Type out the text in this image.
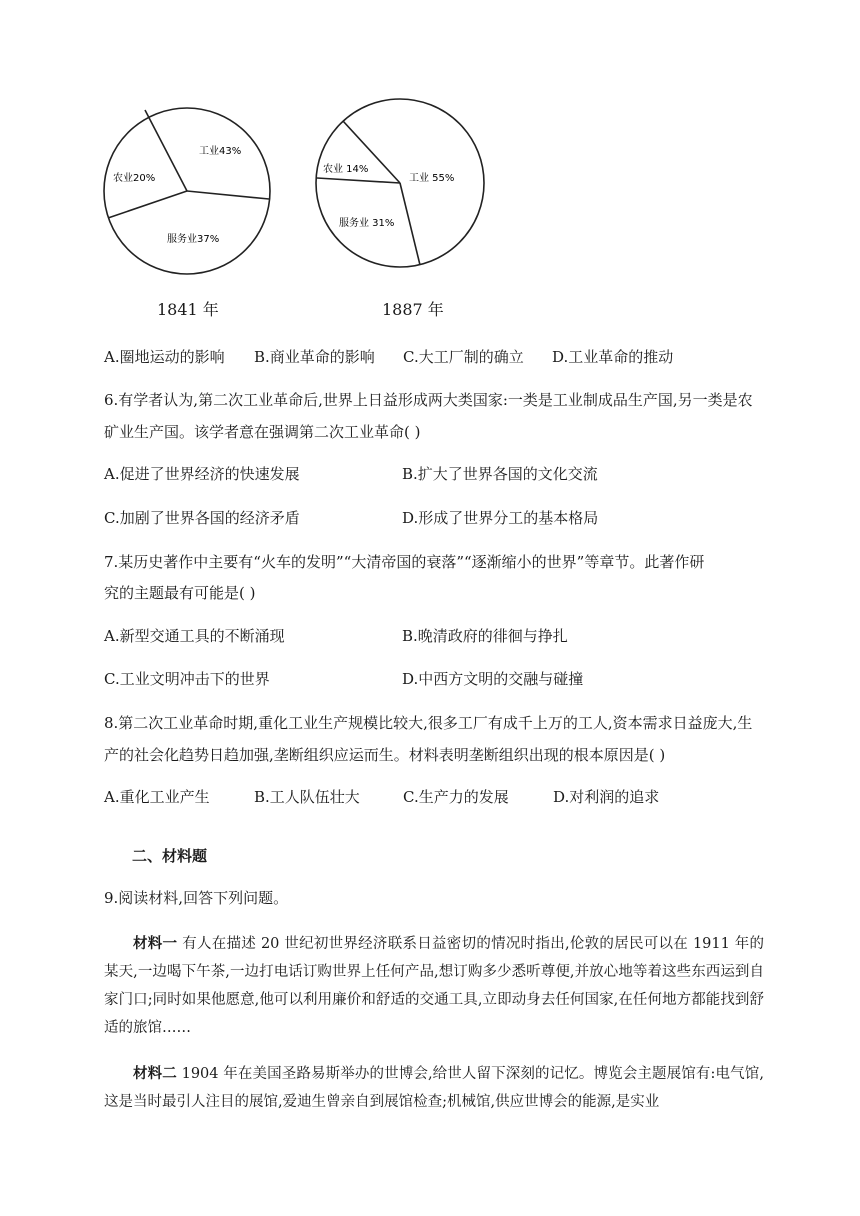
工业43%
农业20%
服务业37%
工业 55%
农业 14%
服务业 31%
1841 年	1887 年
A.圈地运动的影响 B.商业革命的影响 C.大工厂制的确立 D.工业革命的推动
6.有学者认为,第二次工业革命后,世界上日益形成两大类国家:一类是工业制成品生产国,另一类是农
矿业生产国。该学者意在强调第二次工业革命( )
A.促进了世界经济的快速发展	B.扩大了世界各国的文化交流
C.加剧了世界各国的经济矛盾	D.形成了世界分工的基本格局
7.某历史著作中主要有“火车的发明”“大清帝国的衰落”“逐渐缩小的世界”等章节。此著作研
究的主题最有可能是( )
A.新型交通工具的不断涌现	B.晚清政府的徘徊与挣扎
C.工业文明冲击下的世界	D.中西方文明的交融与碰撞
8.第二次工业革命时期,重化工业生产规模比较大,很多工厂有成千上万的工人,资本需求日益庞大,生
产的社会化趋势日趋加强,垄断组织应运而生。材料表明垄断组织出现的根本原因是( )
A.重化工业产生	B.工人队伍壮大	C.生产力的发展	D.对利润的追求
二、材料题
9.阅读材料,回答下列问题。
材料一 有人在描述 20 世纪初世界经济联系日益密切的情况时指出,伦敦的居民可以在 1911 年的某天,一边喝下午茶,一边打电话订购世界上任何产品,想订购多少悉听尊便,并放心地等着这些东西运到自家门口;同时如果他愿意,他可以利用廉价和舒适的交通工具,立即动身去任何国家,在任何地方都能找到舒适的旅馆……
材料二 1904 年在美国圣路易斯举办的世博会,给世人留下深刻的记忆。博览会主题展馆有:电气馆,这是当时最引人注目的展馆,爱迪生曾亲自到展馆检查;机械馆,供应世博会的能源,是实业
